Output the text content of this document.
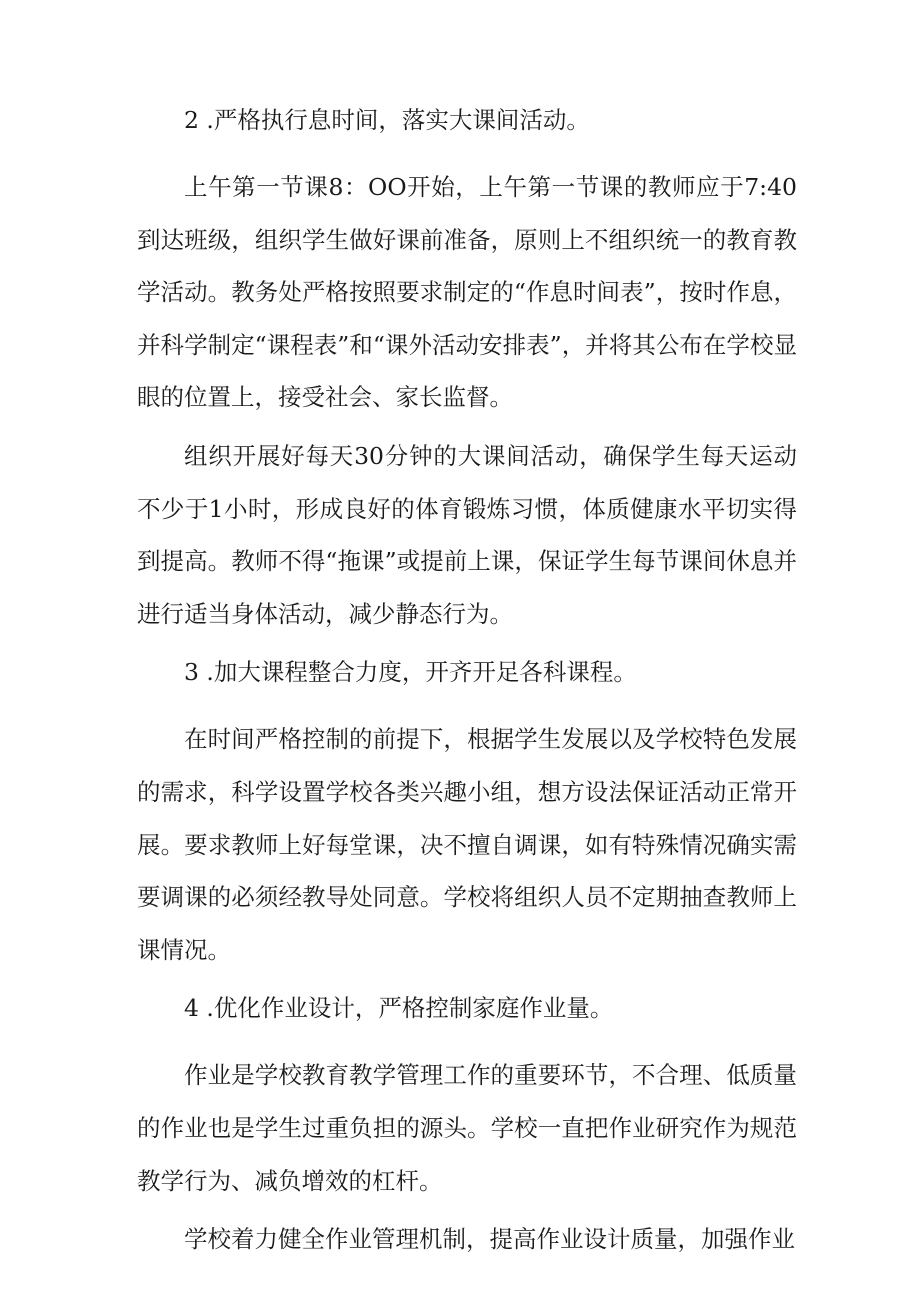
2 .严格执行息时间，落实大课间活动。

上午第一节课8：OO开始，上午第一节课的教师应于7:40到达班级，组织学生做好课前准备，原则上不组织统一的教育教学活动。教务处严格按照要求制定的“作息时间表”，按时作息，并科学制定“课程表”和“课外活动安排表”，并将其公布在学校显眼的位置上，接受社会、家长监督。

组织开展好每天30分钟的大课间活动，确保学生每天运动不少于1小时，形成良好的体育锻炼习惯，体质健康水平切实得到提高。教师不得“拖课”或提前上课，保证学生每节课间休息并进行适当身体活动，减少静态行为。

3 .加大课程整合力度，开齐开足各科课程。

在时间严格控制的前提下，根据学生发展以及学校特色发展的需求，科学设置学校各类兴趣小组，想方设法保证活动正常开展。要求教师上好每堂课，决不擅自调课，如有特殊情况确实需要调课的必须经教导处同意。学校将组织人员不定期抽查教师上课情况。

4 .优化作业设计，严格控制家庭作业量。

作业是学校教育教学管理工作的重要环节，不合理、低质量的作业也是学生过重负担的源头。学校一直把作业研究作为规范教学行为、减负增效的杠杆。

学校着力健全作业管理机制，提高作业设计质量，加强作业
